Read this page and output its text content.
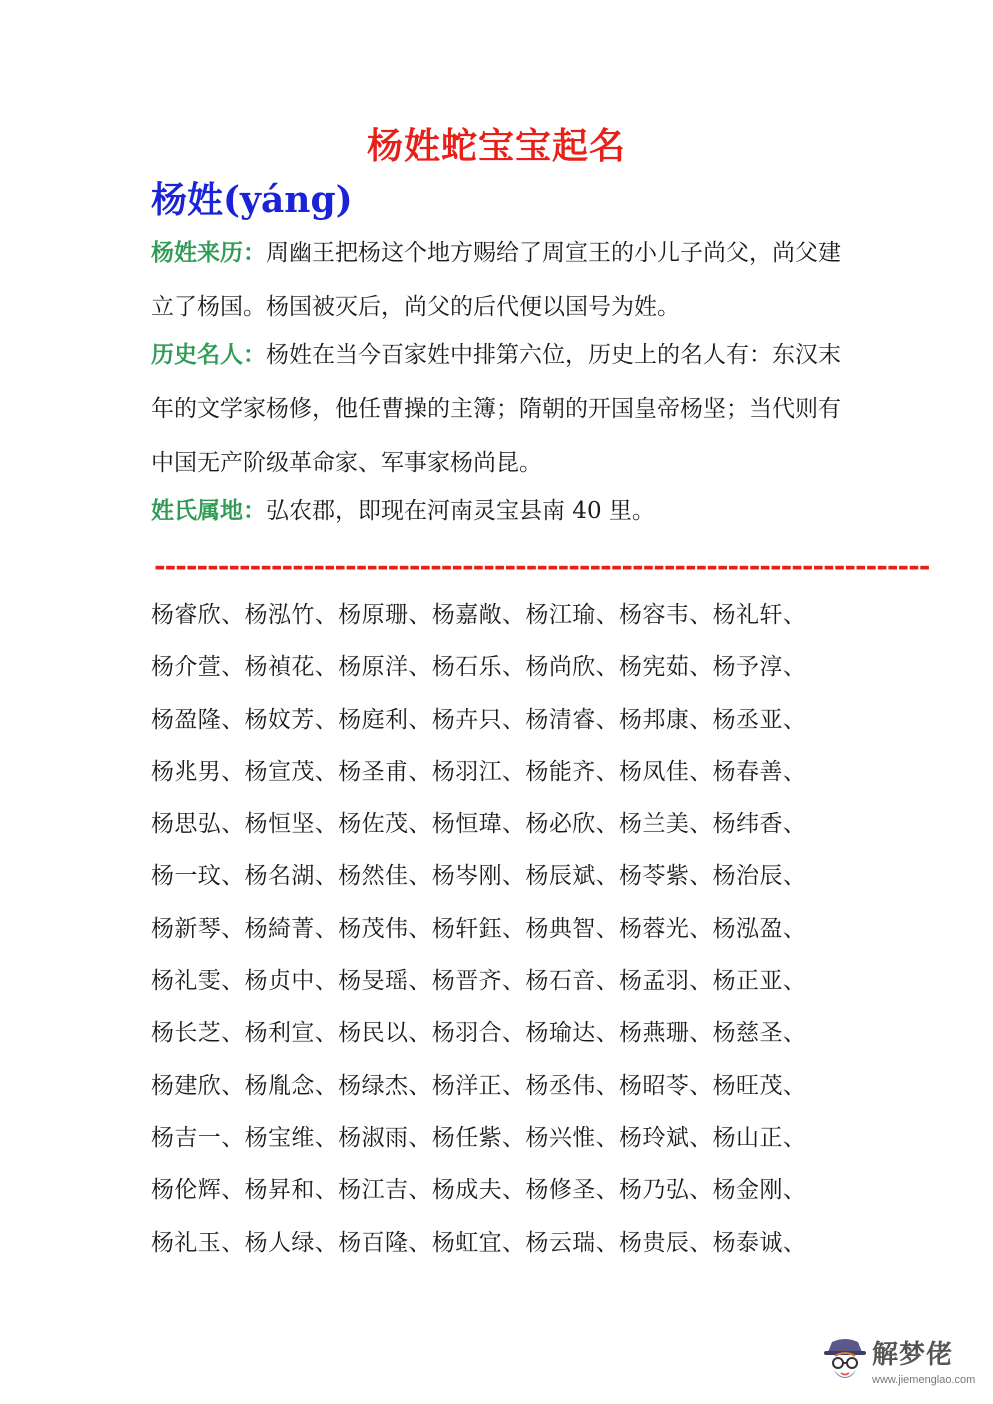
杨姓蛇宝宝起名
杨姓(yáng)
杨姓来历：周幽王把杨这个地方赐给了周宣王的小儿子尚父，尚父建立了杨国。杨国被灭后，尚父的后代便以国号为姓。
历史名人：杨姓在当今百家姓中排第六位，历史上的名人有：东汉末年的文学家杨修，他任曹操的主簿；隋朝的开国皇帝杨坚；当代则有中国无产阶级革命家、军事家杨尚昆。
姓氏属地：弘农郡，即现在河南灵宝县南 40 里。
-------------------------------------------------------------------------
杨睿欣、杨泓竹、杨原珊、杨嘉敞、杨江瑜、杨容韦、杨礼轩、杨介萱、杨禎花、杨原洋、杨石乐、杨尚欣、杨宪茹、杨予淳、杨盈隆、杨妏芳、杨庭利、杨卉只、杨清睿、杨邦康、杨丞亚、杨兆男、杨宣茂、杨圣甫、杨羽江、杨能齐、杨凤佳、杨春善、杨思弘、杨恒坚、杨佐茂、杨恒瑋、杨必欣、杨兰美、杨纬香、杨一玟、杨名湖、杨然佳、杨岑刚、杨辰斌、杨苓紫、杨治辰、杨新琴、杨綺菁、杨茂伟、杨轩鈺、杨典智、杨蓉光、杨泓盈、杨礼雯、杨贞中、杨旻瑶、杨晋齐、杨石音、杨孟羽、杨正亚、杨长芝、杨利宣、杨民以、杨羽合、杨瑜达、杨燕珊、杨慈圣、杨建欣、杨胤念、杨绿杰、杨洋正、杨丞伟、杨昭苓、杨旺茂、杨吉一、杨宝维、杨淑雨、杨任紫、杨兴惟、杨玲斌、杨山正、杨伦辉、杨昇和、杨江吉、杨成夫、杨修圣、杨乃弘、杨金刚、杨礼玉、杨人绿、杨百隆、杨虹宜、杨云瑞、杨贵辰、杨泰诚、
解梦佬
www.jiemenglao.com
